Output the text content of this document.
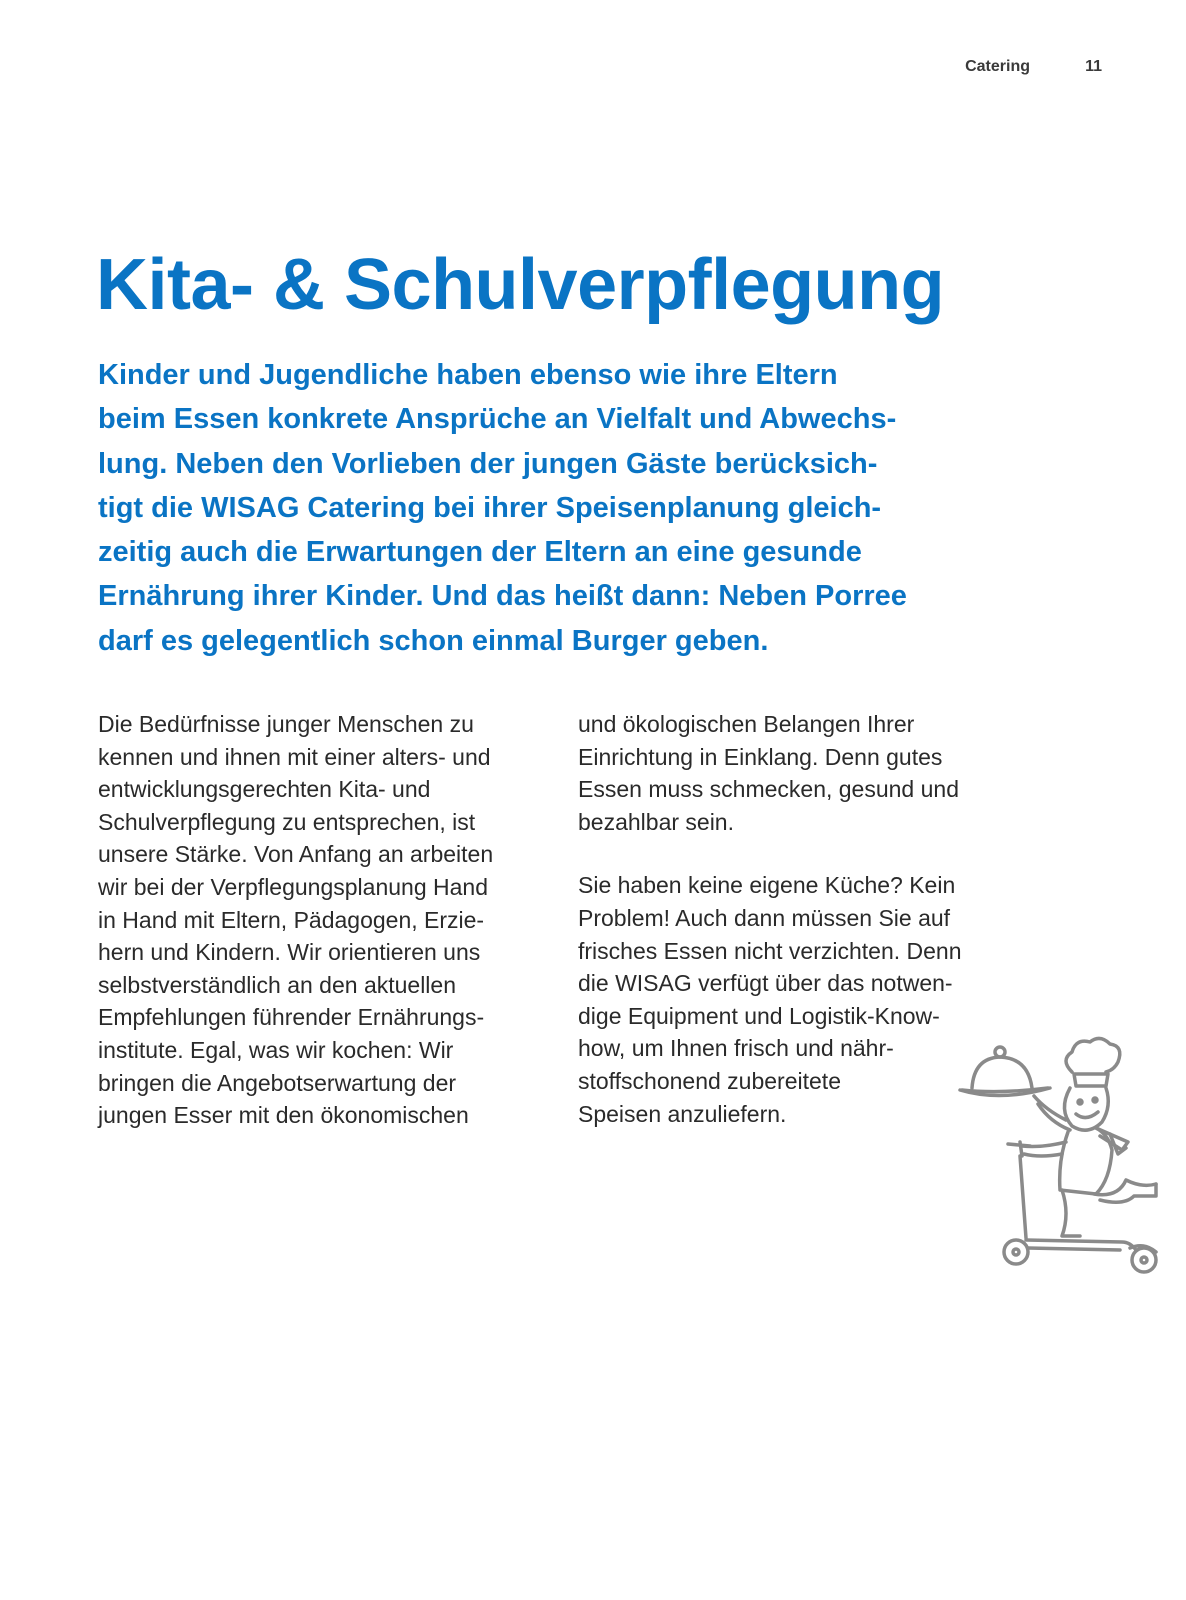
Catering	11
Kita- & Schulverpflegung

Kinder und Jugendliche haben ebenso wie ihre Eltern
beim Essen konkrete Ansprüche an Vielfalt und Abwechs-
lung. Neben den Vorlieben der jungen Gäste berücksich-
tigt die WISAG Catering bei ihrer Speisenplanung gleich-
zeitig auch die Erwartungen der Eltern an eine gesunde
Ernährung ihrer Kinder. Und das heißt dann: Neben Porree
darf es gelegentlich schon einmal Burger geben.

Die Bedürfnisse junger Menschen zu
kennen und ihnen mit einer alters- und
entwicklungsgerechten Kita- und
Schulverpflegung zu entsprechen, ist
unsere Stärke. Von Anfang an arbeiten
wir bei der Verpflegungsplanung Hand
in Hand mit Eltern, Pädagogen, Erzie-
hern und Kindern. Wir orientieren uns
selbstverständlich an den aktuellen
Empfehlungen führender Ernährungs-
institute. Egal, was wir kochen: Wir
bringen die Angebotserwartung der
jungen Esser mit den ökonomischen
und ökologischen Belangen Ihrer
Einrichtung in Einklang. Denn gutes
Essen muss schmecken, gesund und
bezahlbar sein.
Sie haben keine eigene Küche? Kein
Problem! Auch dann müssen Sie auf
frisches Essen nicht verzichten. Denn
die WISAG verfügt über das notwen-
dige Equipment und Logistik-Know-
how, um Ihnen frisch und nähr-
stoffschonend zubereitete
Speisen anzuliefern.
